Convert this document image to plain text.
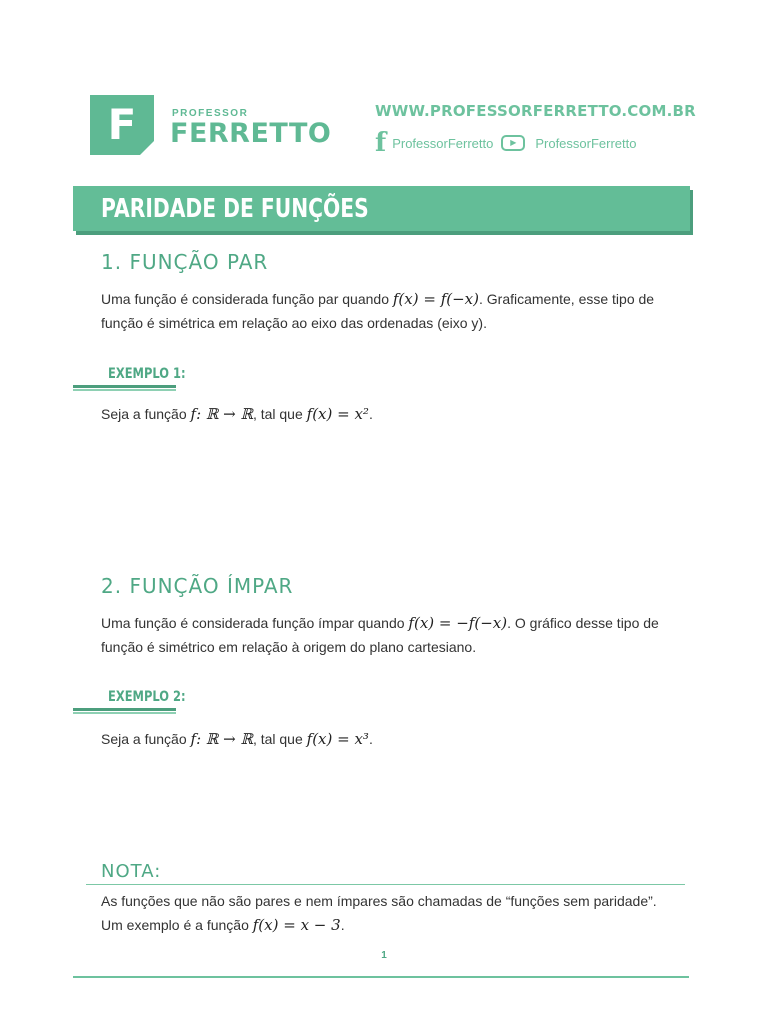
F	PROFESSOR
FERRETTO
WWW.PROFESSORFERRETTO.COM.BR
f ProfessorFerretto	▶	ProfessorFerretto
PARIDADE DE FUNÇÕES
1. FUNÇÃO PAR
Uma função é considerada função par quando f(x) = f(−x). Graficamente, esse tipo de função é simétrica em relação ao eixo das ordenadas (eixo y).
EXEMPLO 1:
Seja a função f: ℝ → ℝ, tal que f(x) = x².
2. FUNÇÃO ÍMPAR
Uma função é considerada função ímpar quando f(x) = −f(−x). O gráfico desse tipo de função é simétrico em relação à origem do plano cartesiano.
EXEMPLO 2:
Seja a função f: ℝ → ℝ, tal que f(x) = x³.
NOTA:
As funções que não são pares e nem ímpares são chamadas de “funções sem paridade”. Um exemplo é a função f(x) = x − 3.
1
